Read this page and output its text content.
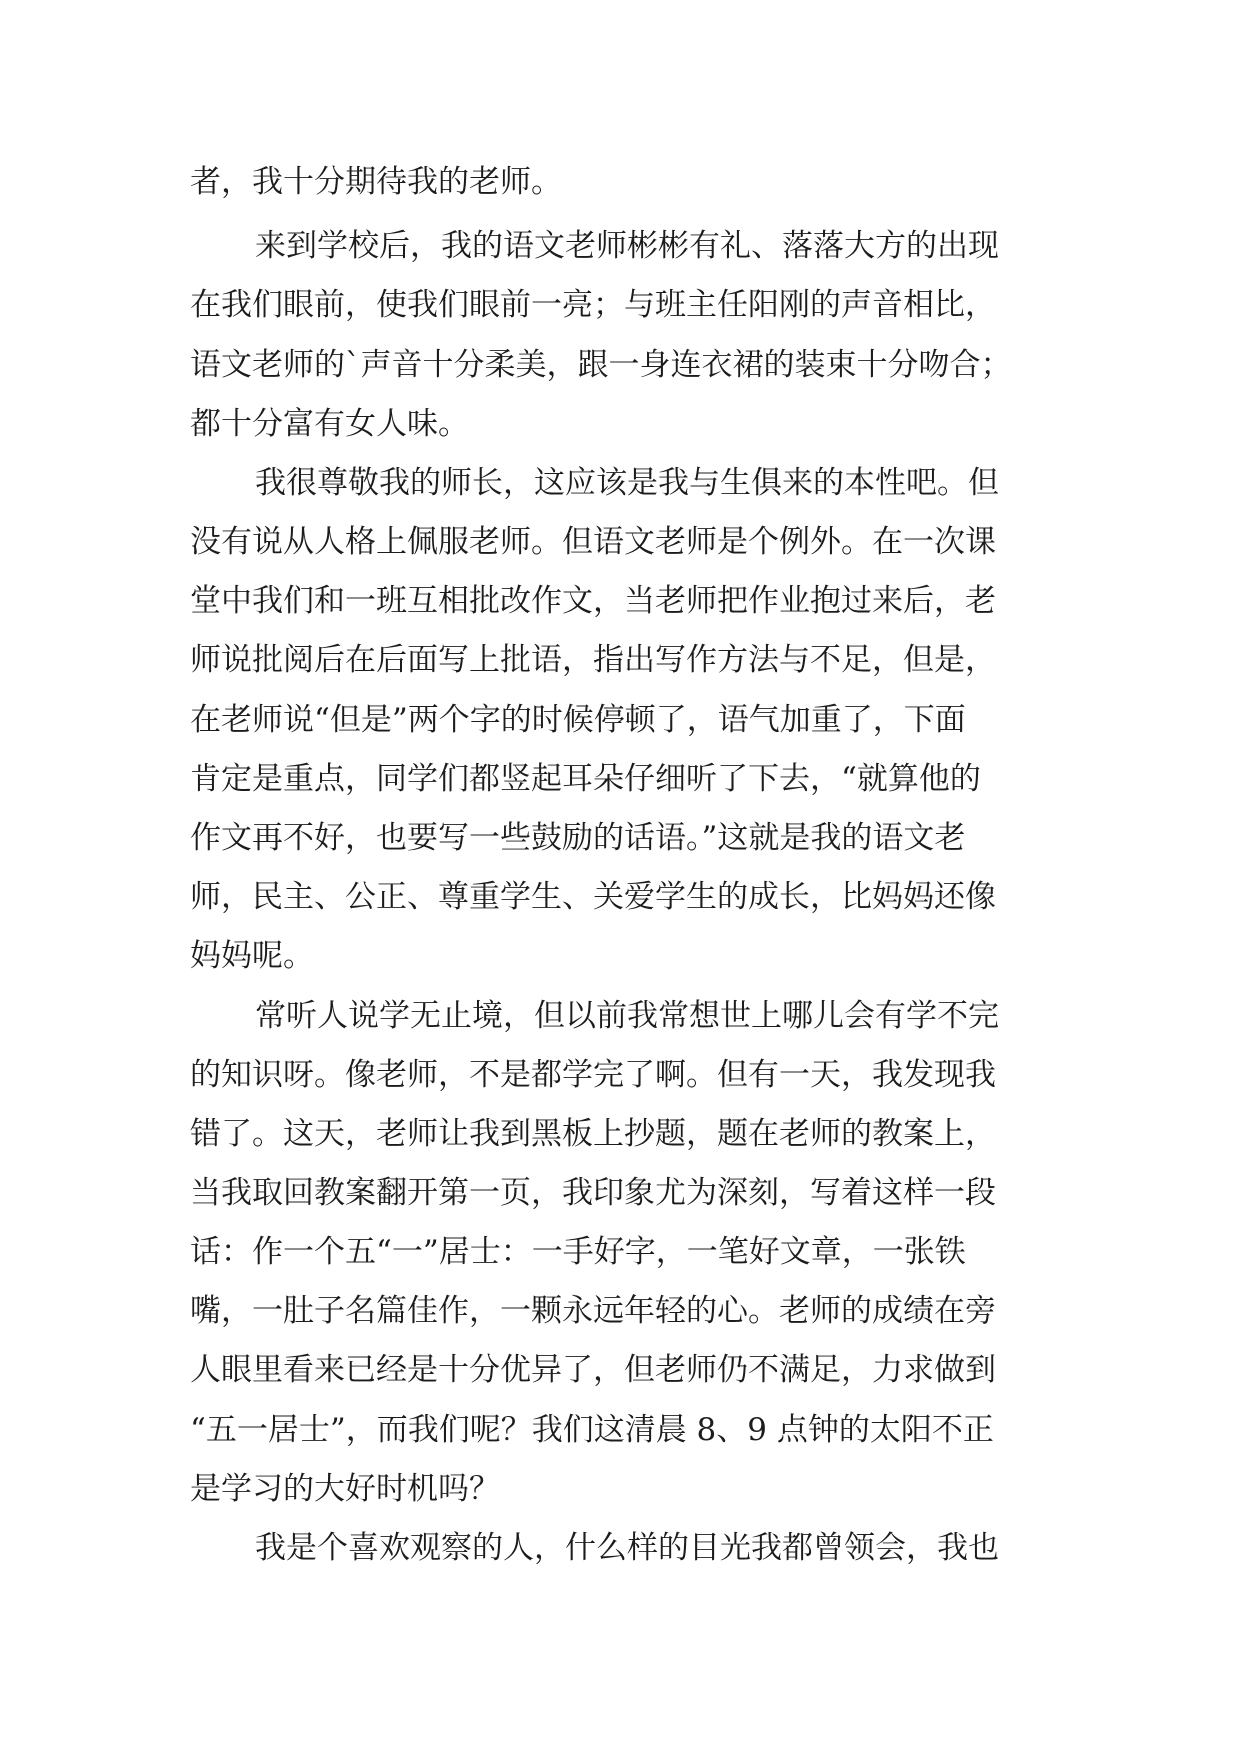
者，我十分期待我的老师。

来到学校后，我的语文老师彬彬有礼、落落大方的出现

在我们眼前，使我们眼前一亮；与班主任阳刚的声音相比，

语文老师的`声音十分柔美，跟一身连衣裙的装束十分吻合；

都十分富有女人味。

我很尊敬我的师长，这应该是我与生俱来的本性吧。但

没有说从人格上佩服老师。但语文老师是个例外。在一次课

堂中我们和一班互相批改作文，当老师把作业抱过来后，老

师说批阅后在后面写上批语，指出写作方法与不足，但是，

在老师说“但是”两个字的时候停顿了，语气加重了，下面

肯定是重点，同学们都竖起耳朵仔细听了下去，“就算他的

作文再不好，也要写一些鼓励的话语。”这就是我的语文老

师，民主、公正、尊重学生、关爱学生的成长，比妈妈还像

妈妈呢。

常听人说学无止境，但以前我常想世上哪儿会有学不完

的知识呀。像老师，不是都学完了啊。但有一天，我发现我

错了。这天，老师让我到黑板上抄题，题在老师的教案上，

当我取回教案翻开第一页，我印象尤为深刻，写着这样一段

话：作一个五“一”居士：一手好字，一笔好文章，一张铁

嘴，一肚子名篇佳作，一颗永远年轻的心。老师的成绩在旁

人眼里看来已经是十分优异了，但老师仍不满足，力求做到

“五一居士”，而我们呢？我们这清晨 8、9 点钟的太阳不正

是学习的大好时机吗？

我是个喜欢观察的人，什么样的目光我都曾领会，我也
